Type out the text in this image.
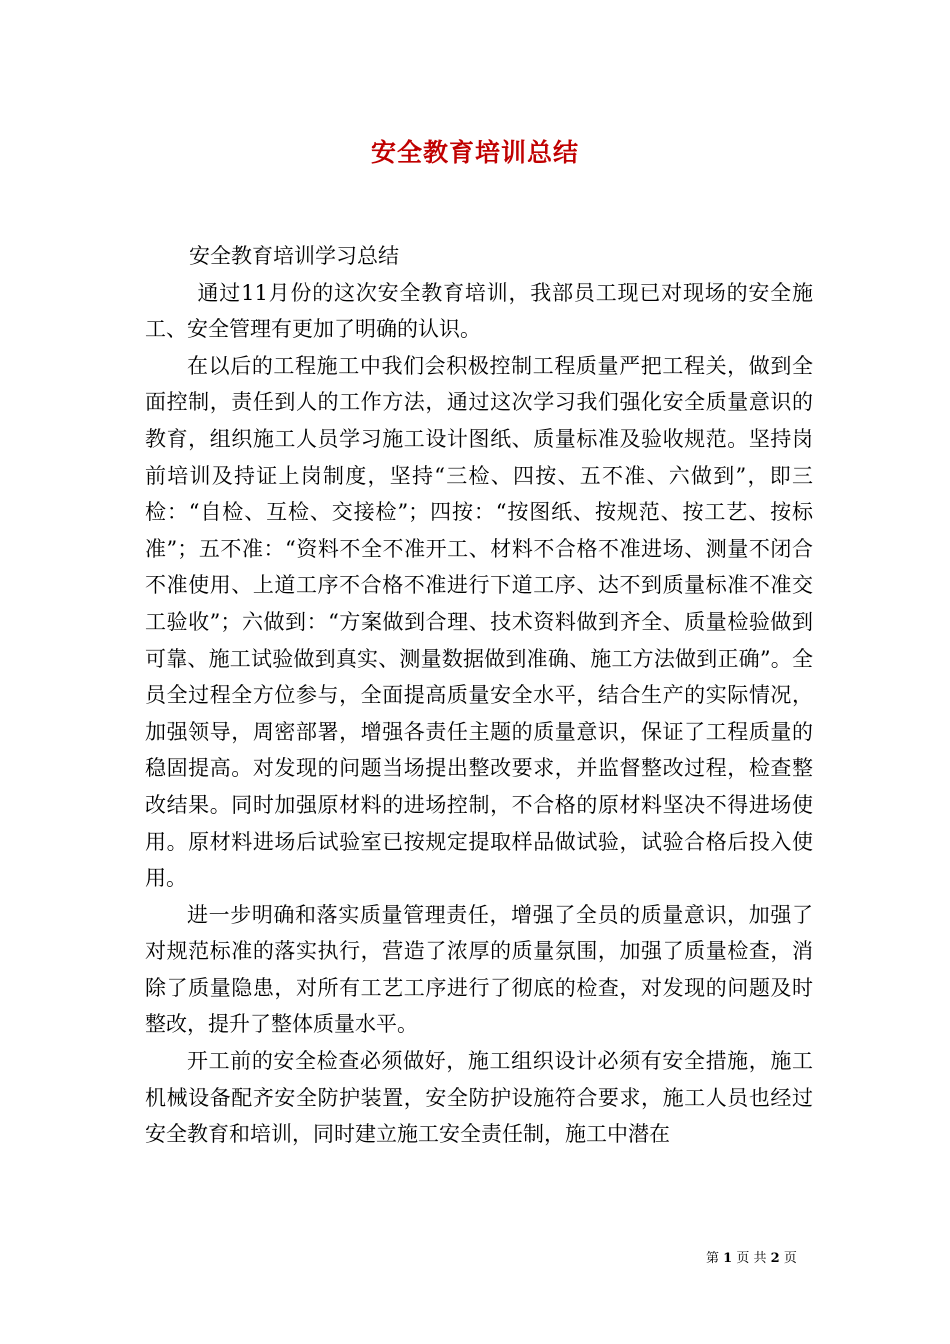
安全教育培训总结

安全教育培训学习总结

通过11月份的这次安全教育培训，我部员工现已对现场的安全施工、安全管理有更加了明确的认识。

在以后的工程施工中我们会积极控制工程质量严把工程关，做到全面控制，责任到人的工作方法，通过这次学习我们强化安全质量意识的教育，组织施工人员学习施工设计图纸、质量标准及验收规范。坚持岗前培训及持证上岗制度，坚持“三检、四按、五不准、六做到”，即三检：“自检、互检、交接检”；四按：“按图纸、按规范、按工艺、按标准”；五不准：“资料不全不准开工、材料不合格不准进场、测量不闭合不准使用、上道工序不合格不准进行下道工序、达不到质量标准不准交工验收”；六做到：“方案做到合理、技术资料做到齐全、质量检验做到可靠、施工试验做到真实、测量数据做到准确、施工方法做到正确”。全员全过程全方位参与，全面提高质量安全水平，结合生产的实际情况，加强领导，周密部署，增强各责任主题的质量意识，保证了工程质量的稳固提高。对发现的问题当场提出整改要求，并监督整改过程，检查整改结果。同时加强原材料的进场控制，不合格的原材料坚决不得进场使用。原材料进场后试验室已按规定提取样品做试验，试验合格后投入使用。

进一步明确和落实质量管理责任，增强了全员的质量意识，加强了对规范标准的落实执行，营造了浓厚的质量氛围，加强了质量检查，消除了质量隐患，对所有工艺工序进行了彻底的检查，对发现的问题及时整改，提升了整体质量水平。

开工前的安全检查必须做好，施工组织设计必须有安全措施，施工机械设备配齐安全防护装置，安全防护设施符合要求，施工人员也经过安全教育和培训，同时建立施工安全责任制，施工中潜在

第 1 页 共 2 页
